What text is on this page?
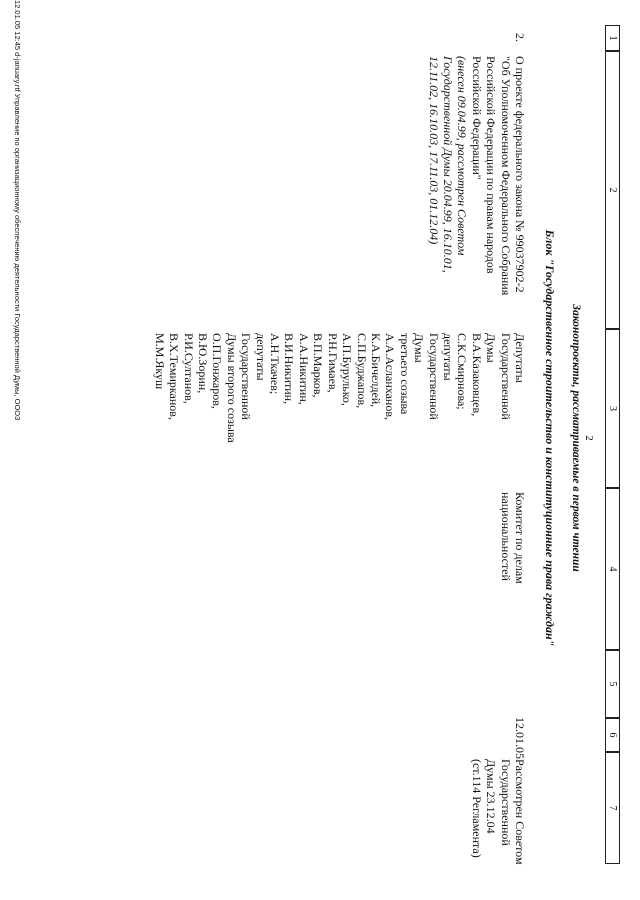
1
2
3
4
5
6
7
2
Законопроекты, рассматриваемые в первом чтении
Блок "Государственное строительство и конституционные права граждан"
2.
О проекте федерального закона № 99037902-2
"Об Уполномоченном Федерального Собрания
Российской Федерации по правам народов
Российской Федерации"
(внесен 09.04.99, рассмотрен Советом
Государственной Думы 20.04.99, 16.10.01,
12.11.02, 16.10.03, 17.11.03, 01.12.04)
Депутаты
Государственной
Думы
В.А.Казаковцев,
С.К.Смирнова;
депутаты
Государственной
Думы
третьего созыва
А.А.Асланханов,
К.А.Бичелдей,
С.П.Буджапов,
А.П.Бурулько,
Р.Н.Гимаев,
В.П.Марков,
А.А.Никитин,
В.И.Никитин,
А.Н.Ткачев;
депутаты
Государственной
Думы второго созыва
О.П.Гонжаров,
В.Ю.Зорин,
Р.И.Султанов,
В.Х.Темирканов,
М.М.Якуш
Комитет по делам
национальностей
12.01.05
Рассмотрен Советом
Государственной
Думы 23.12.04
(ст.114 Регламента)
12.01.05 12:45 d-january.rtf Управление по организационному обеспечению деятельности Государственной Думы, ООО3
